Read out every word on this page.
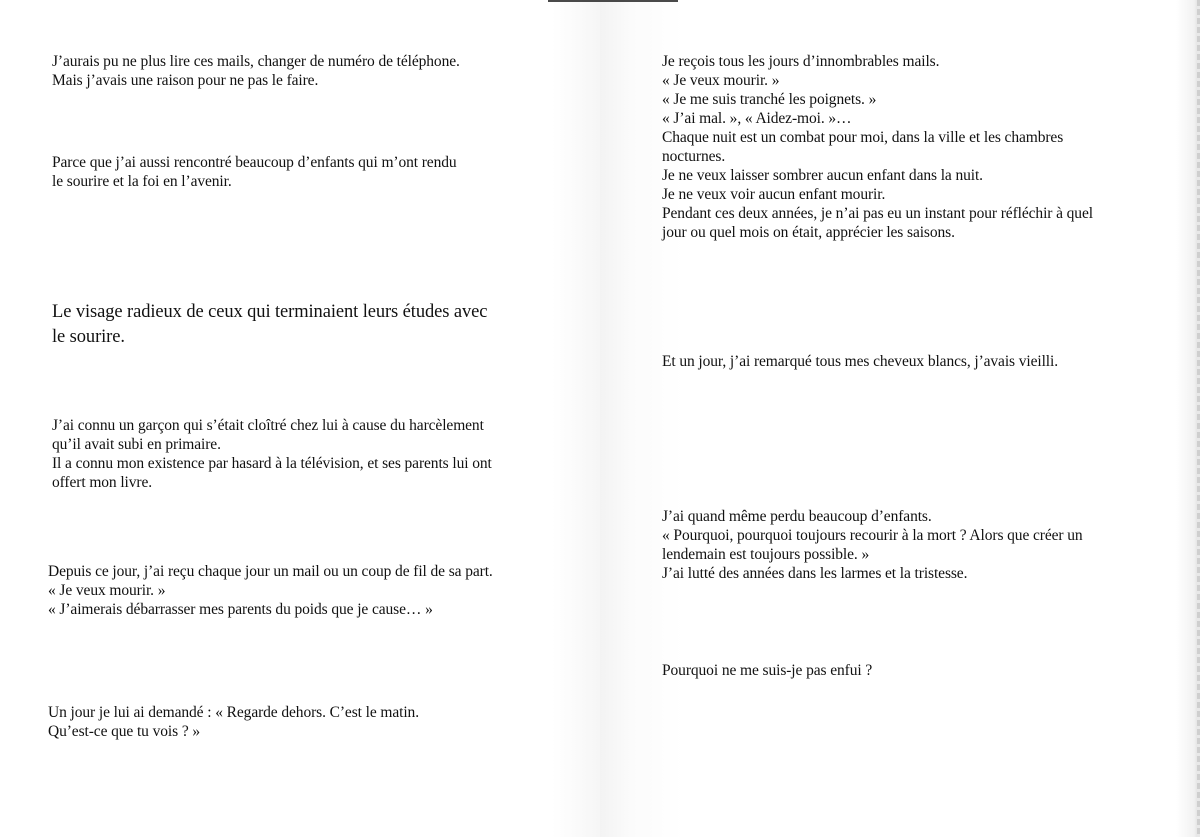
J’aurais pu ne plus lire ces mails, changer de numéro de téléphone.
Mais j’avais une raison pour ne pas le faire.

Parce que j’ai aussi rencontré beaucoup d’enfants qui m’ont rendu
le sourire et la foi en l’avenir.

Le visage radieux de ceux qui terminaient leurs études avec
le sourire.

J’ai connu un garçon qui s’était cloîtré chez lui à cause du harcèlement
qu’il avait subi en primaire.
Il a connu mon existence par hasard à la télévision, et ses parents lui ont
offert mon livre.

Depuis ce jour, j’ai reçu chaque jour un mail ou un coup de fil de sa part.
« Je veux mourir. »
« J’aimerais débarrasser mes parents du poids que je cause… »

Un jour je lui ai demandé : « Regarde dehors. C’est le matin.
Qu’est-ce que tu vois ? »

Je reçois tous les jours d’innombrables mails.
« Je veux mourir. »
« Je me suis tranché les poignets. »
« J’ai mal. », « Aidez-moi. »…
Chaque nuit est un combat pour moi, dans la ville et les chambres
nocturnes.
Je ne veux laisser sombrer aucun enfant dans la nuit.
Je ne veux voir aucun enfant mourir.
Pendant ces deux années, je n’ai pas eu un instant pour réfléchir à quel
jour ou quel mois on était, apprécier les saisons.

Et un jour, j’ai remarqué tous mes cheveux blancs, j’avais vieilli.

J’ai quand même perdu beaucoup d’enfants.
« Pourquoi, pourquoi toujours recourir à la mort ? Alors que créer un
lendemain est toujours possible. »
J’ai lutté des années dans les larmes et la tristesse.

Pourquoi ne me suis-je pas enfui ?
